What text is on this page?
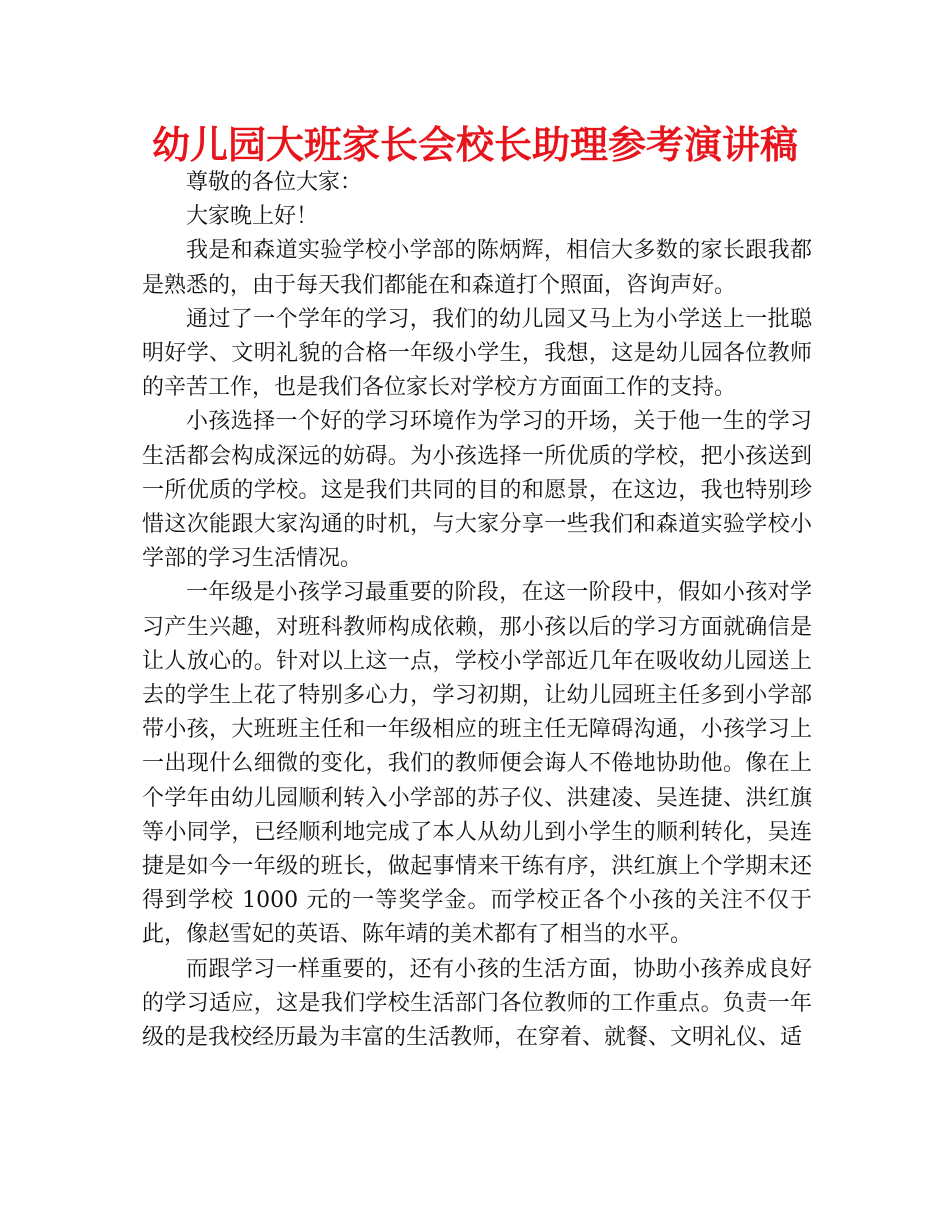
幼儿园大班家长会校长助理参考演讲稿

尊敬的各位大家：

大家晚上好！

我是和森道实验学校小学部的陈炳辉，相信大多数的家长跟我都是熟悉的，由于每天我们都能在和森道打个照面，咨询声好。

通过了一个学年的学习，我们的幼儿园又马上为小学送上一批聪明好学、文明礼貌的合格一年级小学生，我想，这是幼儿园各位教师的辛苦工作，也是我们各位家长对学校方方面面工作的支持。

小孩选择一个好的学习环境作为学习的开场，关于他一生的学习生活都会构成深远的妨碍。为小孩选择一所优质的学校，把小孩送到一所优质的学校。这是我们共同的目的和愿景，在这边，我也特别珍惜这次能跟大家沟通的时机，与大家分享一些我们和森道实验学校小学部的学习生活情况。

一年级是小孩学习最重要的阶段，在这一阶段中，假如小孩对学习产生兴趣，对班科教师构成依赖，那小孩以后的学习方面就确信是让人放心的。针对以上这一点，学校小学部近几年在吸收幼儿园送上去的学生上花了特别多心力，学习初期，让幼儿园班主任多到小学部带小孩，大班班主任和一年级相应的班主任无障碍沟通，小孩学习上一出现什么细微的变化，我们的教师便会诲人不倦地协助他。像在上个学年由幼儿园顺利转入小学部的苏子仪、洪建凌、吴连捷、洪红旗等小同学，已经顺利地完成了本人从幼儿到小学生的顺利转化，吴连捷是如今一年级的班长，做起事情来干练有序，洪红旗上个学期末还得到学校 1000 元的一等奖学金。而学校正各个小孩的关注不仅于此，像赵雪妃的英语、陈年靖的美术都有了相当的水平。

而跟学习一样重要的，还有小孩的生活方面，协助小孩养成良好的学习适应，这是我们学校生活部门各位教师的工作重点。负责一年级的是我校经历最为丰富的生活教师，在穿着、就餐、文明礼仪、适
